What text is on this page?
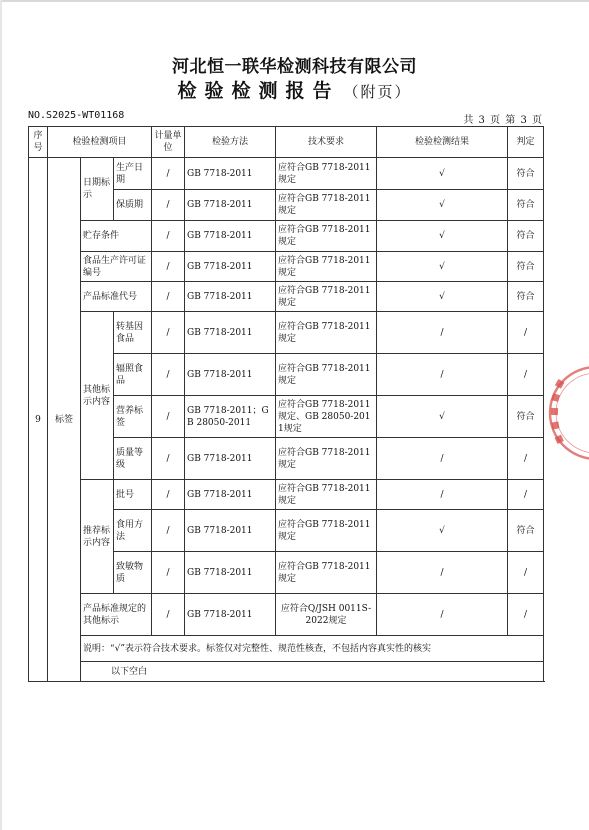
河北恒一联华检测科技有限公司
检验检测报告 （附页）
NO.S2025-WT01168	共 3 页 第 3 页
序号	检验检测项目			计量单位	检验方法	技术要求	检验检测结果	判定
9	标签	日期标示	生产日期	/	GB 7718-2011	应符合GB 7718-2011规定	√	符合
			保质期	/	GB 7718-2011	应符合GB 7718-2011规定	√	符合
		贮存条件		/	GB 7718-2011	应符合GB 7718-2011规定	√	符合
		食品生产许可证编号		/	GB 7718-2011	应符合GB 7718-2011规定	√	符合
		产品标准代号		/	GB 7718-2011	应符合GB 7718-2011规定	√	符合
		其他标示内容	转基因食品	/	GB 7718-2011	应符合GB 7718-2011规定	/	/
			辐照食品	/	GB 7718-2011	应符合GB 7718-2011规定	/	/
			营养标签	/	GB 7718-2011；GB 28050-2011	应符合GB 7718-2011规定、GB 28050-2011规定	√	符合
			质量等级	/	GB 7718-2011	应符合GB 7718-2011规定	/	/
		推荐标示内容	批号	/	GB 7718-2011	应符合GB 7718-2011规定	/	/
			食用方法	/	GB 7718-2011	应符合GB 7718-2011规定	√	符合
			致敏物质	/	GB 7718-2011	应符合GB 7718-2011规定	/	/
		产品标准规定的其他标示		/	GB 7718-2011	应符合Q/JSH 0011S-2022规定	/	/
		说明：“√”表示符合技术要求。标签仅对完整性、规范性核查，不包括内容真实性的核实						
		以下空白						
